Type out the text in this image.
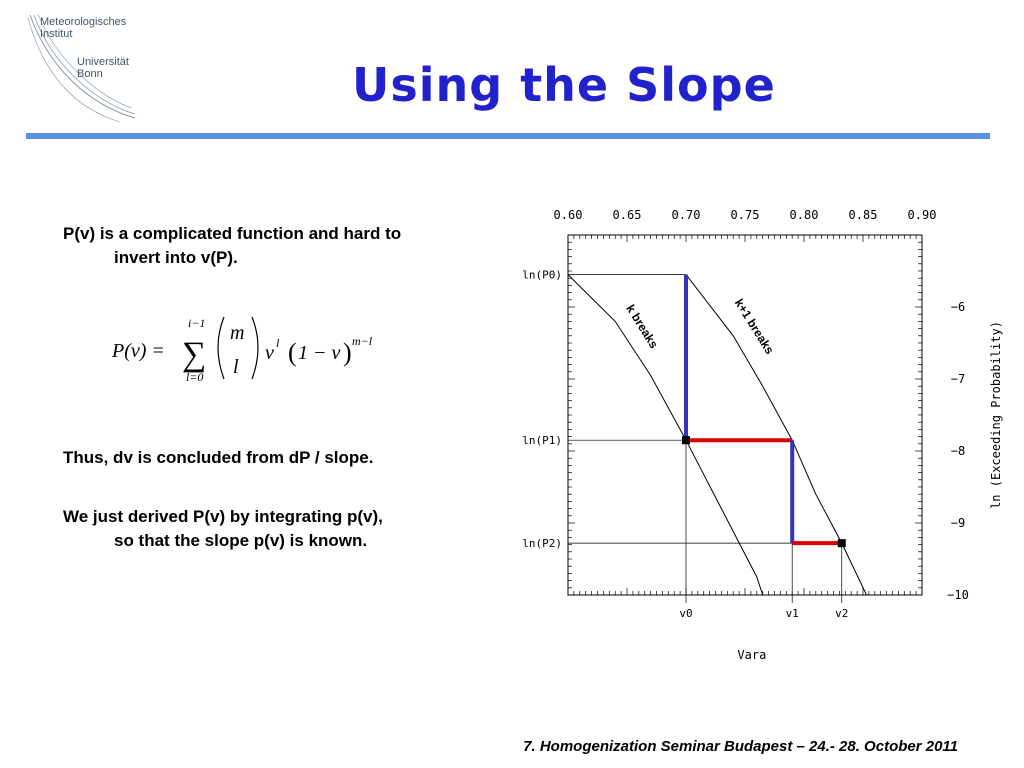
Meteorologisches
Institut
Universität
Bonn	Using the Slope
P(v) is a complicated function and hard to
invert into v(P).
P(v) =
i−1
∑
l=0
m
l
v l ( 1 − v ) m−l
Thus, dv is concluded from dP / slope.
We just derived P(v) by integrating p(v),
so that the slope p(v) is known.
0.60	0.65	0.70	0.75	0.80	0.85	0.90
−6
−7
−8
−9
−10
ln (Exceeding Probability)
Vara
ln(P0)
ln(P1)
ln(P2)
v0	v1	v2
k breaks	k+1 breaks
7. Homogenization Seminar Budapest – 24.- 28. October 2011
